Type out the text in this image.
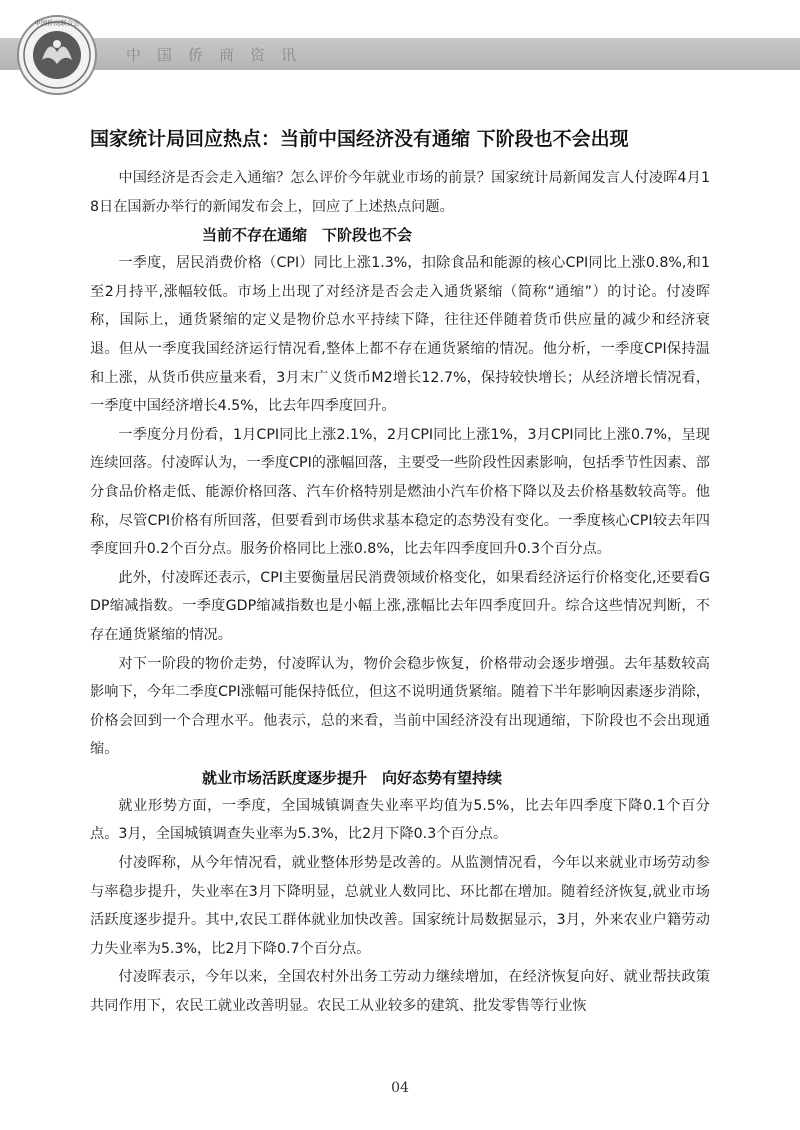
中国侨商资讯
中国侨商联合会
国家统计局回应热点：当前中国经济没有通缩 下阶段也不会出现

中国经济是否会走入通缩？怎么评价今年就业市场的前景？国家统计局新闻发言人付凌晖4月18日在国新办举行的新闻发布会上，回应了上述热点问题。

当前不存在通缩　下阶段也不会

一季度，居民消费价格（CPI）同比上涨1.3%，扣除食品和能源的核心CPI同比上涨0.8%,和1至2月持平,涨幅较低。市场上出现了对经济是否会走入通货紧缩（简称“通缩”）的讨论。付凌晖称，国际上，通货紧缩的定义是物价总水平持续下降，往往还伴随着货币供应量的减少和经济衰退。但从一季度我国经济运行情况看,整体上都不存在通货紧缩的情况。他分析，一季度CPI保持温和上涨，从货币供应量来看，3月末广义货币M2增长12.7%，保持较快增长；从经济增长情况看，一季度中国经济增长4.5%，比去年四季度回升。

一季度分月份看，1月CPI同比上涨2.1%，2月CPI同比上涨1%，3月CPI同比上涨0.7%，呈现连续回落。付凌晖认为，一季度CPI的涨幅回落，主要受一些阶段性因素影响，包括季节性因素、部分食品价格走低、能源价格回落、汽车价格特别是燃油小汽车价格下降以及去价格基数较高等。他称，尽管CPI价格有所回落，但要看到市场供求基本稳定的态势没有变化。一季度核心CPI较去年四季度回升0.2个百分点。服务价格同比上涨0.8%，比去年四季度回升0.3个百分点。

此外，付凌晖还表示，CPI主要衡量居民消费领域价格变化，如果看经济运行价格变化,还要看GDP缩减指数。一季度GDP缩减指数也是小幅上涨,涨幅比去年四季度回升。综合这些情况判断，不存在通货紧缩的情况。

对下一阶段的物价走势，付凌晖认为，物价会稳步恢复，价格带动会逐步增强。去年基数较高影响下，今年二季度CPI涨幅可能保持低位，但这不说明通货紧缩。随着下半年影响因素逐步消除，价格会回到一个合理水平。他表示，总的来看，当前中国经济没有出现通缩，下阶段也不会出现通缩。

就业市场活跃度逐步提升　向好态势有望持续

就业形势方面，一季度，全国城镇调查失业率平均值为5.5%，比去年四季度下降0.1个百分点。3月，全国城镇调查失业率为5.3%，比2月下降0.3个百分点。

付凌晖称，从今年情况看，就业整体形势是改善的。从监测情况看，今年以来就业市场劳动参与率稳步提升，失业率在3月下降明显，总就业人数同比、环比都在增加。随着经济恢复,就业市场活跃度逐步提升。其中,农民工群体就业加快改善。国家统计局数据显示，3月，外来农业户籍劳动力失业率为5.3%，比2月下降0.7个百分点。

付凌晖表示，今年以来，全国农村外出务工劳动力继续增加，在经济恢复向好、就业帮扶政策共同作用下，农民工就业改善明显。农民工从业较多的建筑、批发零售等行业恢

04
